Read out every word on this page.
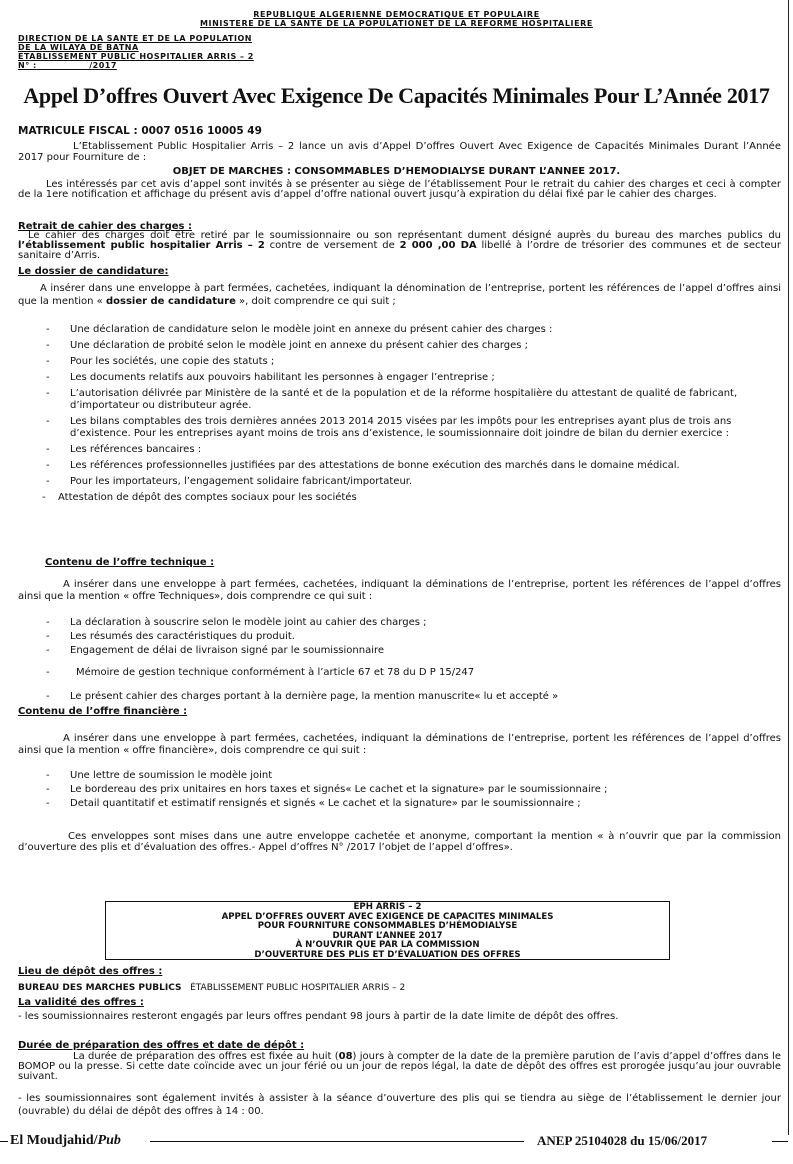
REPUBLIQUE ALGERIENNE DEMOCRATIQUE ET POPULAIRE
MINISTERE DE LA SANTE DE LA POPULATIONET DE LA REFORME HOSPITALIERE
DIRECTION DE LA SANTE ET DE LA POPULATION
DE LA WILAYA DE BATNA
ETABLISSEMENT PUBLIC HOSPITALIER ARRIS – 2
N° :                /2017
Appel D’offres Ouvert Avec Exigence De Capacités Minimales Pour L’Année 2017
MATRICULE FISCAL : 0007 0516 10005 49
L’Etablissement Public Hospitalier Arris – 2 lance un avis d’Appel D’offres Ouvert Avec Exigence de Capacités Minimales Durant l’Année 2017 pour Fourniture de :
OBJET DE MARCHES : CONSOMMABLES D’HÉMODIALYSE DURANT L’ANNEE 2017.
Les intéressés par cet avis d’appel sont invités à se présenter au siège de l’établissement Pour le retrait du cahier des charges et ceci à compter de la 1ere notification et affichage du présent avis d’appel d’offre national ouvert jusqu’à expiration du délai fixé par le cahier des charges.
Retrait de cahier des charges :
Le cahier des charges doit être retiré par le soumissionnaire ou son représentant dument désigné auprès du bureau des marches publics du l’établissement public hospitalier Arris – 2 contre de versement de 2 000 ,00 DA libellé à l’ordre de trésorier des communes et de secteur sanitaire d’Arris.
Le dossier de candidature:
A insérer dans une enveloppe à part fermées, cachetées, indiquant la dénomination de l’entreprise, portent les références de l’appel d’offres ainsi que la mention « dossier de candidature », doit comprendre ce qui suit ;
- Une déclaration de candidature selon le modèle joint en annexe du présent cahier des charges :
- Une déclaration de probité selon le modèle joint en annexe du présent cahier des charges ;
- Pour les sociétés, une copie des statuts ;
- Les documents relatifs aux pouvoirs habilitant les personnes à engager l’entreprise ;
- L’autorisation délivrée par Ministère de la santé et de la population et de la réforme hospitalière du attestant de qualité de fabricant, d’importateur ou distributeur agrée.
- Les bilans comptables des trois dernières années 2013 2014 2015 visées par les impôts pour les entreprises ayant plus de trois ans d’existence. Pour les entreprises ayant moins de trois ans d’existence, le soumissionnaire doit joindre de bilan du dernier exercice :
- Les références bancaires :
- Les références professionnelles justifiées par des attestations de bonne exécution des marchés dans le domaine médical.
- Pour les importateurs, l’engagement solidaire fabricant/importateur.
- Attestation de dépôt des comptes sociaux pour les sociétés
Contenu de l’offre technique :
A insérer dans une enveloppe à part fermées, cachetées, indiquant la déminations de l’entreprise, portent les références de l’appel d’offres ainsi que la mention « offre Techniques», dois comprendre ce qui suit :
- La déclaration à souscrire selon le modèle joint au cahier des charges ;
- Les résumés des caractéristiques du produit.
- Engagement de délai de livraison signé par le soumissionnaire
-	Mémoire de gestion technique conformément à l’article 67 et 78 du D P 15/247
- Le présent cahier des charges portant à la dernière page, la mention manuscrite« lu et accepté »
Contenu de l’offre financière :
A insérer dans une enveloppe à part fermées, cachetées, indiquant la déminations de l’entreprise, portent les références de l’appel d’offres ainsi que la mention « offre financière», dois comprendre ce qui suit :
- Une lettre de soumission le modèle joint
- Le bordereau des prix unitaires en hors taxes et signés« Le cachet et la signature» par le soumissionnaire ;
- Detail quantitatif et estimatif rensignés et signés « Le cachet et la signature» par le soumissionnaire ;
Ces enveloppes sont mises dans une autre enveloppe cachetée et anonyme, comportant la mention « à n’ouvrir que par la commission d’ouverture des plis et d’évaluation des offres.- Appel d’offres N° /2017 l’objet de l’appel d’offres».
EPH ARRIS – 2
APPEL D’OFFRES OUVERT AVEC EXIGENCE DE CAPACITES MINIMALES
POUR FOURNITURE CONSOMMABLES D’HÉMODIALYSE
DURANT L’ANNEE 2017
À N’OUVRIR QUE PAR LA COMMISSION
D’OUVERTURE DES PLIS ET D’ÉVALUATION DES OFFRES
Lieu de dépôt des offres :
BUREAU DES MARCHES PUBLICS ÉTABLISSEMENT PUBLIC HOSPITALIER ARRIS – 2
La validité des offres :
- les soumissionnaires resteront engagés par leurs offres pendant 98 jours à partir de la date limite de dépôt des offres.
Durée de préparation des offres et date de dépôt :
La durée de préparation des offres est fixée au huit (08) jours à compter de la date de la première parution de l’avis d’appel d’offres dans le BOMOP ou la presse. Si cette date coïncide avec un jour férié ou un jour de repos légal, la date de dépôt des offres est prorogée jusqu’au jour ouvrable suivant.
- les soumissionnaires sont également invités à assister à la séance d’ouverture des plis qui se tiendra au siège de l’établissement le dernier jour (ouvrable) du délai de dépôt des offres à 14 : 00.
El Moudjahid/Pub	ANEP 25104028 du 15/06/2017
